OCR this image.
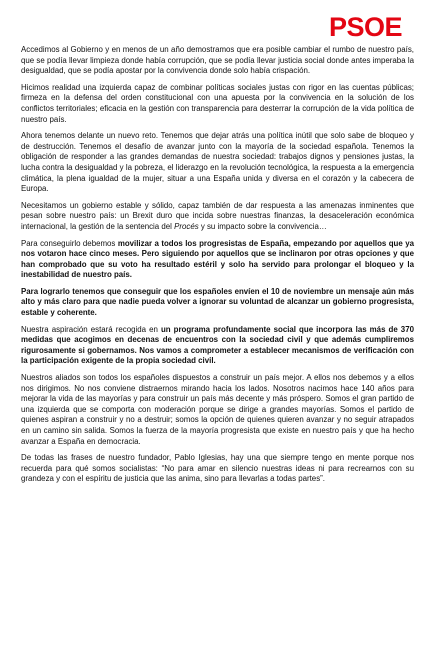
PSOE

Accedimos al Gobierno y en menos de un año demostramos que era posible cambiar el rumbo de nuestro país, que se podía llevar limpieza donde había corrupción, que se podía llevar justicia social donde antes imperaba la desigualdad, que se podía apostar por la convivencia donde solo había crispación.

Hicimos realidad una izquierda capaz de combinar políticas sociales justas con rigor en las cuentas públicas; firmeza en la defensa del orden constitucional con una apuesta por la convivencia en la solución de los conflictos territoriales; eficacia en la gestión con transparencia para desterrar la corrupción de la vida política de nuestro país.

Ahora tenemos delante un nuevo reto. Tenemos que dejar atrás una política inútil que solo sabe de bloqueo y de destrucción. Tenemos el desafío de avanzar junto con la mayoría de la sociedad española. Tenemos la obligación de responder a las grandes demandas de nuestra sociedad: trabajos dignos y pensiones justas, la lucha contra la desigualdad y la pobreza, el liderazgo en la revolución tecnológica, la respuesta a la emergencia climática, la plena igualdad de la mujer, situar a una España unida y diversa en el corazón y la cabecera de Europa.

Necesitamos un gobierno estable y sólido, capaz también de dar respuesta a las amenazas inminentes que pesan sobre nuestro país: un Brexit duro que incida sobre nuestras finanzas, la desaceleración económica internacional, la gestión de la sentencia del Procés y su impacto sobre la convivencia…

Para conseguirlo debemos movilizar a todos los progresistas de España, empezando por aquellos que ya nos votaron hace cinco meses. Pero siguiendo por aquellos que se inclinaron por otras opciones y que han comprobado que su voto ha resultado estéril y solo ha servido para prolongar el bloqueo y la inestabilidad de nuestro país.

Para lograrlo tenemos que conseguir que los españoles envíen el 10 de noviembre un mensaje aún más alto y más claro para que nadie pueda volver a ignorar su voluntad de alcanzar un gobierno progresista, estable y coherente.

Nuestra aspiración estará recogida en un programa profundamente social que incorpora las más de 370 medidas que acogimos en decenas de encuentros con la sociedad civil y que además cumpliremos rigurosamente si gobernamos. Nos vamos a comprometer a establecer mecanismos de verificación con la participación exigente de la propia sociedad civil.

Nuestros aliados son todos los españoles dispuestos a construir un país mejor. A ellos nos debemos y a ellos nos dirigimos. No nos conviene distraernos mirando hacia los lados. Nosotros nacimos hace 140 años para mejorar la vida de las mayorías y para construir un país más decente y más próspero. Somos el gran partido de una izquierda que se comporta con moderación porque se dirige a grandes mayorías. Somos el partido de quienes aspiran a construir y no a destruir; somos la opción de quienes quieren avanzar y no seguir atrapados en un camino sin salida. Somos la fuerza de la mayoría progresista que existe en nuestro país y que ha hecho avanzar a España en democracia.

De todas las frases de nuestro fundador, Pablo Iglesias, hay una que siempre tengo en mente porque nos recuerda para qué somos socialistas: “No para amar en silencio nuestras ideas ni para recrearnos con su grandeza y con el espíritu de justicia que las anima, sino para llevarlas a todas partes”.
